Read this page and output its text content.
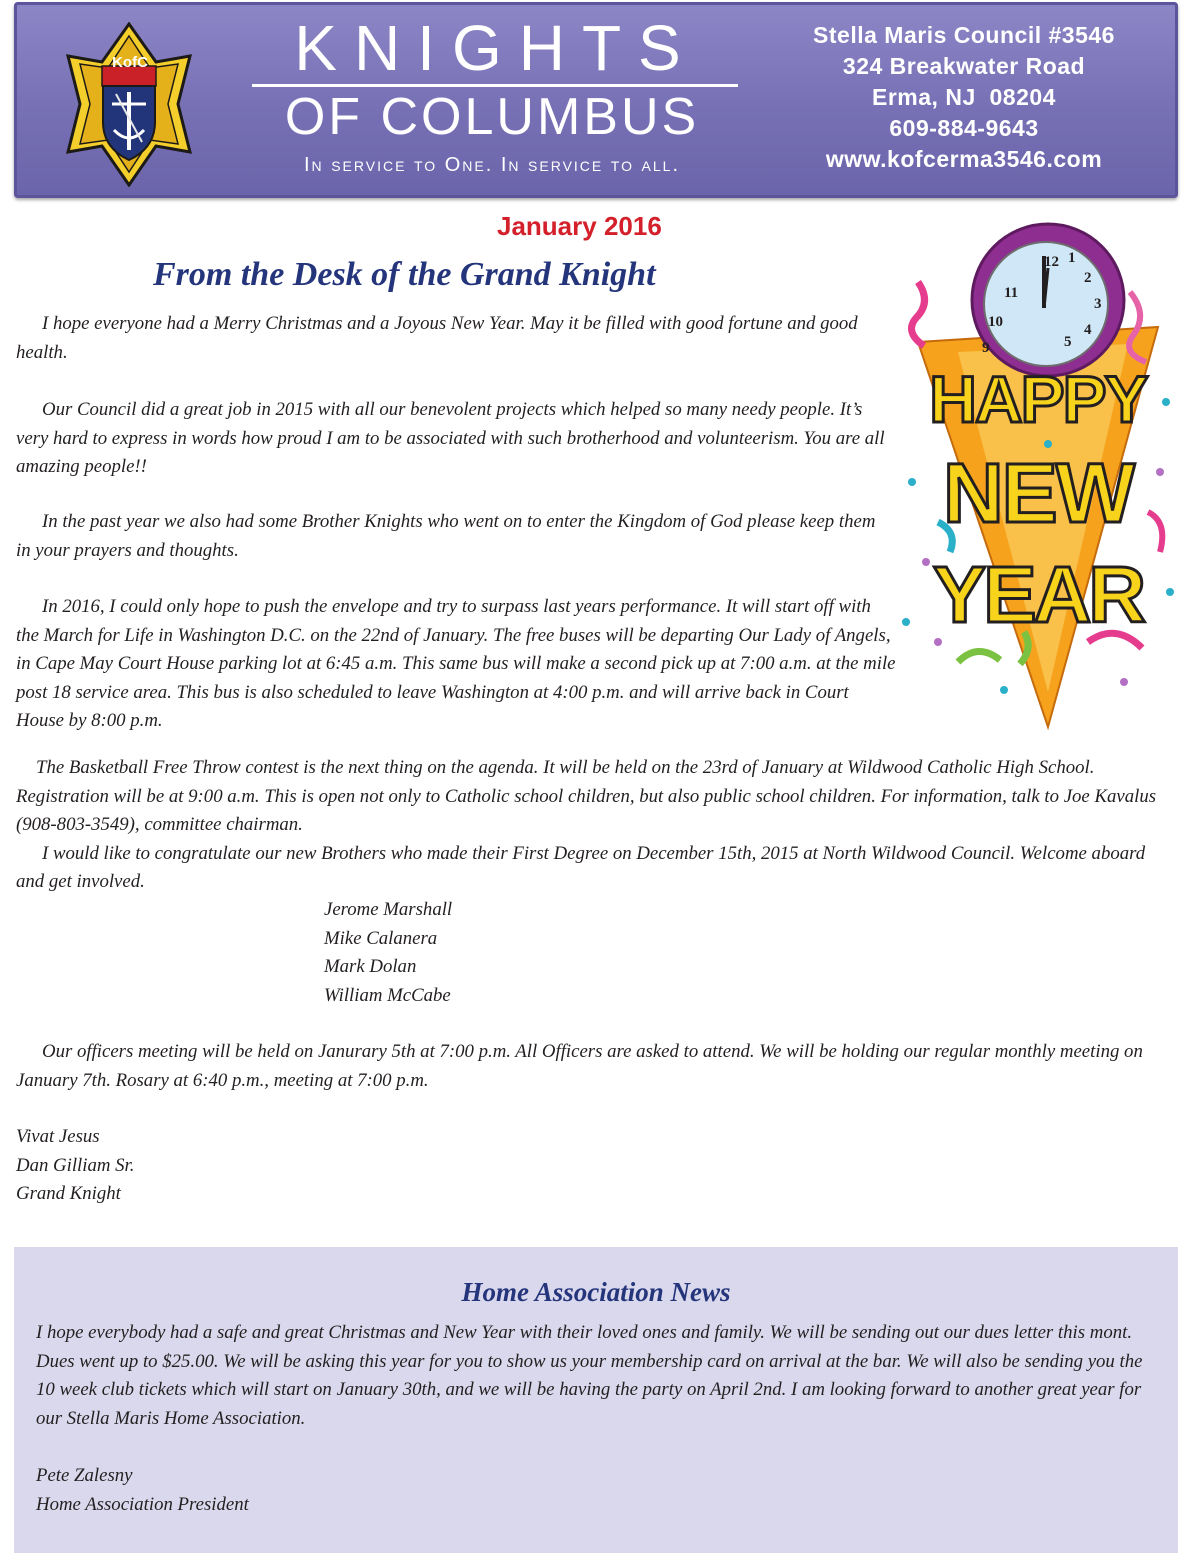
KofC	KNIGHTS
OF COLUMBUS
In service to One. In service to all.
Stella Maris Council #3546
324 Breakwater Road
Erma, NJ  08204
609-884-9643
www.kofcerma3546.com
January 2016
From the Desk of the Grand Knight

I hope everyone had a Merry Christmas and a Joyous New Year. May it be filled with good fortune and good health.

Our Council did a great job in 2015 with all our benevolent projects which helped so many needy people. It’s very hard to express in words how proud I am to be associated with such brotherhood and volunteerism. You are all amazing people!!

In the past year we also had some Brother Knights who went on to enter the Kingdom of God please keep them in your prayers and thoughts.

In 2016, I could only hope to push the envelope and try to surpass last years performance. It will start off with the March for Life in Washington D.C. on the 22nd of January. The free buses will be departing Our Lady of Angels, in Cape May Court House parking lot at 6:45 a.m. This same bus will make a second pick up at 7:00 a.m. at the mile post 18 service area. This bus is also scheduled to leave Washington at 4:00 p.m. and will arrive back in Court House by 8:00 p.m.

The Basketball Free Throw contest is the next thing on the agenda. It will be held on the 23rd of January at Wildwood Catholic High School. Registration will be at 9:00 a.m. This is open not only to Catholic school children, but also public school children. For information, talk to Joe Kavalus (908-803-3549), committee chairman.

I would like to congratulate our new Brothers who made their First Degree on December 15th, 2015 at North Wildwood Council. Welcome aboard and get involved.

Jerome Marshall
Mike Calanera
Mark Dolan
William McCabe

Our officers meeting will be held on Janurary 5th at 7:00 p.m. All Officers are asked to attend. We will be holding our regular monthly meeting on January 7th. Rosary at 6:40 p.m., meeting at 7:00 p.m.

Vivat Jesus

Dan Gilliam Sr.

Grand Knight

12 1
2
11
3
10	4
9	5
HAPPY
NEW
YEAR
Home Association News

I hope everybody had a safe and great Christmas and New Year with their loved ones and family. We will be sending out our dues letter this mont. Dues went up to $25.00. We will be asking this year for you to show us your membership card on arrival at the bar. We will also be sending you the 10 week club tickets which will start on January 30th, and we will be having the party on April 2nd. I am looking forward to another great year for our Stella Maris Home Association.

Pete Zalesny

Home Association President
